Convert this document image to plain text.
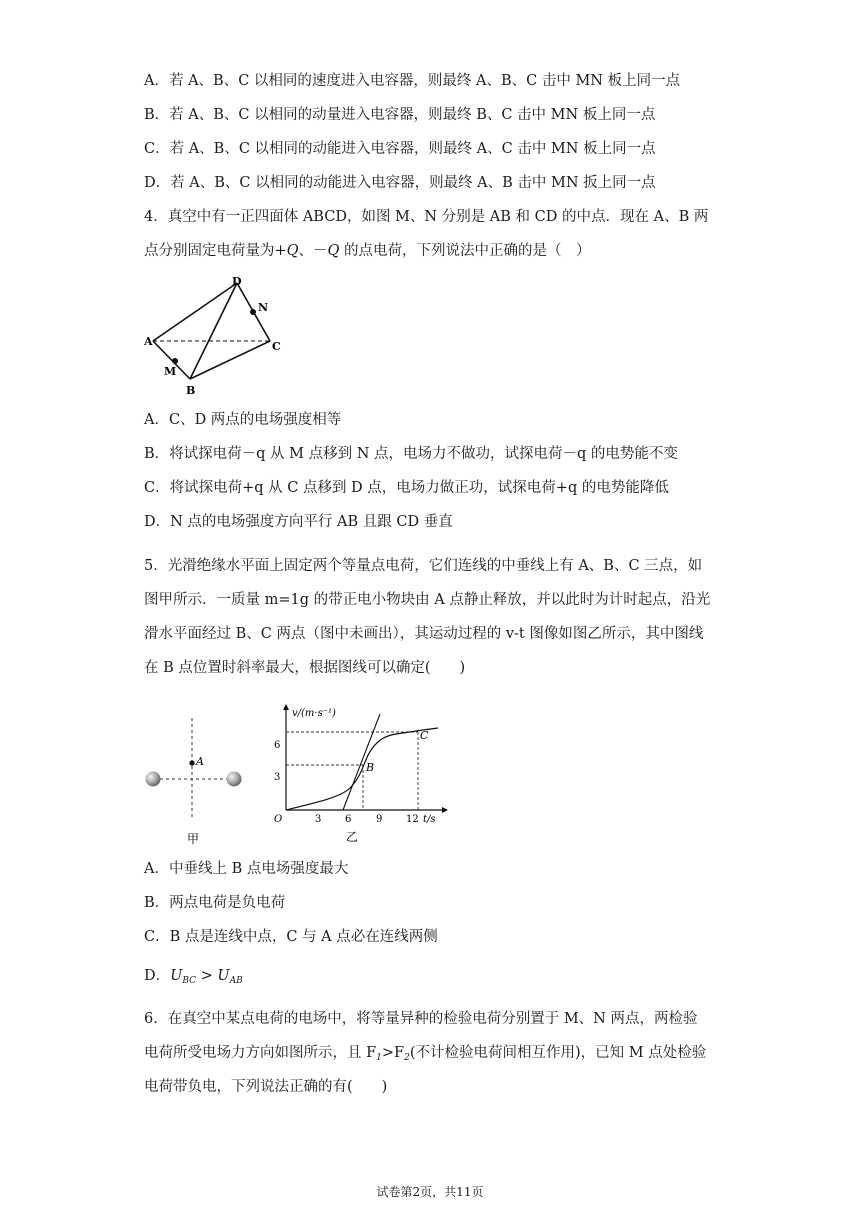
A．若 A、B、C 以相同的速度进入电容器，则最终 A、B、C 击中 MN 板上同一点
B．若 A、B、C 以相同的动量进入电容器，则最终 B、C 击中 MN 板上同一点
C．若 A、B、C 以相同的动能进入电容器，则最终 A、C 击中 MN 板上同一点
D．若 A、B、C 以相同的动能进入电容器，则最终 A、B 击中 MN 扳上同一点
4．真空中有一正四面体 ABCD，如图 M、N 分别是 AB 和 CD 的中点．现在 A、B 两
点分别固定电荷量为+Q、－Q 的点电荷，下列说法中正确的是（　）
D
N
A	C
M
B
A．C、D 两点的电场强度相等
B．将试探电荷－q 从 M 点移到 N 点，电场力不做功，试探电荷－q 的电势能不变
C．将试探电荷+q 从 C 点移到 D 点，电场力做正功，试探电荷+q 的电势能降低
D．N 点的电场强度方向平行 AB 且跟 CD 垂直
5．光滑绝缘水平面上固定两个等量点电荷，它们连线的中垂线上有 A、B、C 三点，如
图甲所示．一质量 m=1g 的带正电小物块由 A 点静止释放，并以此时为计时起点，沿光
滑水平面经过 B、C 两点（图中未画出），其运动过程的 v-t 图像如图乙所示，其中图线
在 B 点位置时斜率最大，根据图线可以确定(　　)
A
甲
v/(m·s⁻¹)
B
C
6
3
O	3 6 9 12 t/s
乙
A．中垂线上 B 点电场强度最大
B．两点电荷是负电荷
C．B 点是连线中点，C 与 A 点必在连线两侧
D．$U_{BC} > U_{AB}$
6．在真空中某点电荷的电场中，将等量异种的检验电荷分别置于 M、N 两点，两检验
电荷所受电场力方向如图所示，且 $F_1>F_2$(不计检验电荷间相互作用)，已知 M 点处检验
电荷带负电，下列说法正确的有(　　)
试卷第2页，共11页
